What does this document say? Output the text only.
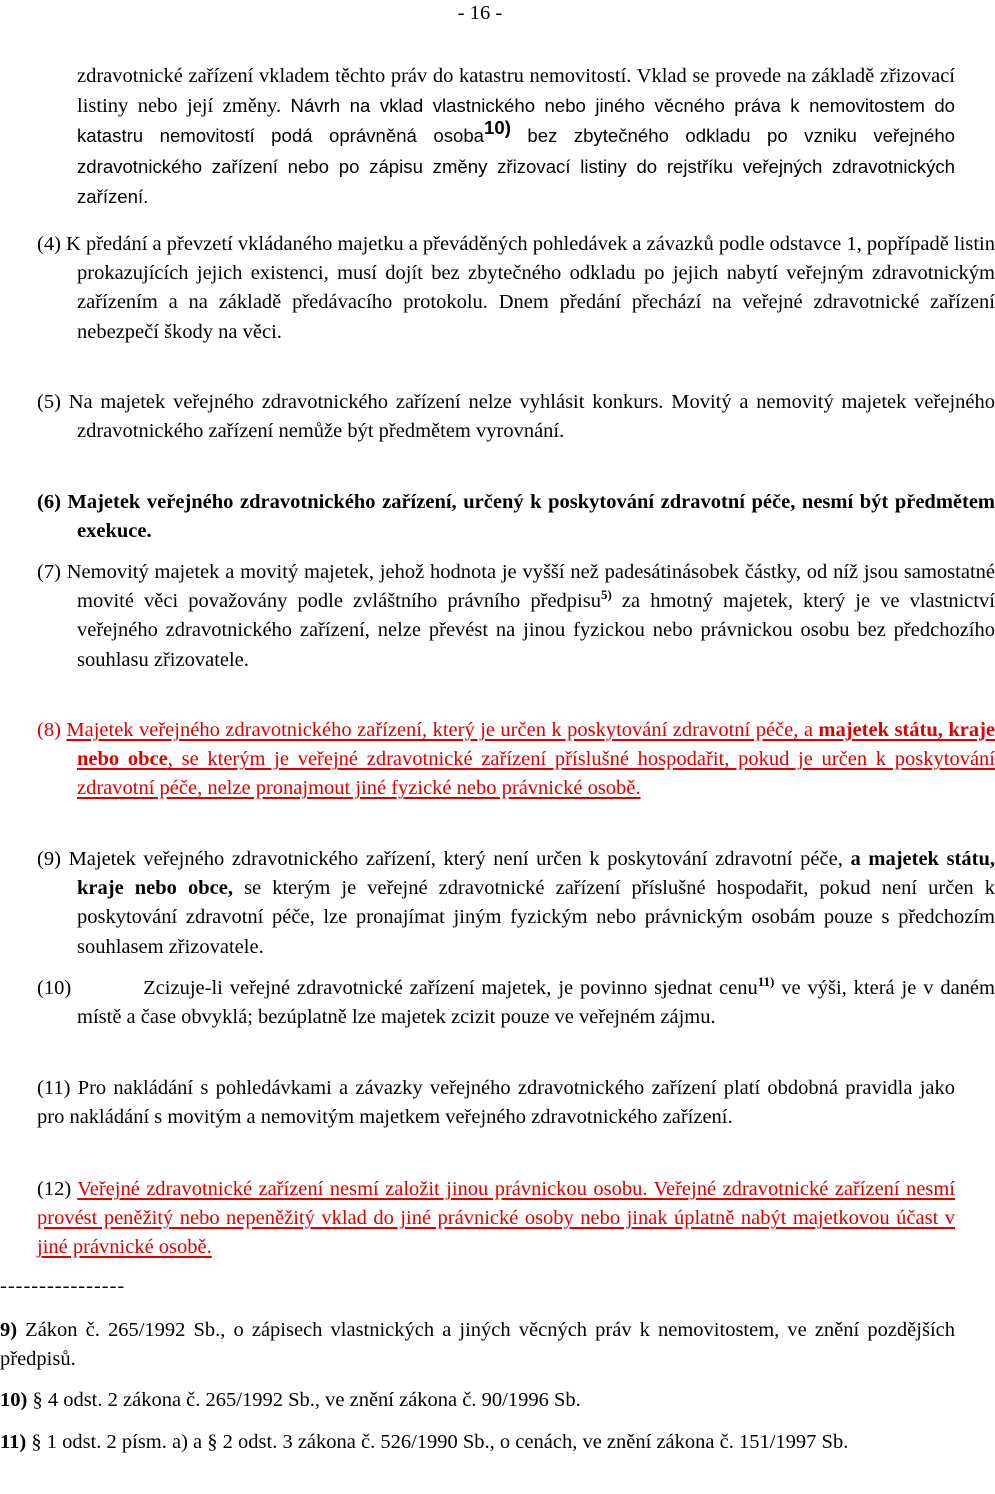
- 16 -
zdravotnické zařízení vkladem těchto práv do katastru nemovitostí. Vklad se provede na základě zřizovací listiny nebo její změny. Návrh na vklad vlastnického nebo jiného věcného práva k nemovitostem do katastru nemovitostí podá oprávněná osoba10) bez zbytečného odkladu po vzniku veřejného zdravotnického zařízení nebo po zápisu změny zřizovací listiny do rejstříku veřejných zdravotnických zařízení.
(4) K předání a převzetí vkládaného majetku a převáděných pohledávek a závazků podle odstavce 1, popřípadě listin prokazujících jejich existenci, musí dojít bez zbytečného odkladu po jejich nabytí veřejným zdravotnickým zařízením a na základě předávacího protokolu. Dnem předání přechází na veřejné zdravotnické zařízení nebezpečí škody na věci.
(5) Na majetek veřejného zdravotnického zařízení nelze vyhlásit konkurs. Movitý a nemovitý majetek veřejného zdravotnického zařízení nemůže být předmětem vyrovnání.
(6) Majetek veřejného zdravotnického zařízení, určený k poskytování zdravotní péče, nesmí být předmětem exekuce.
(7) Nemovitý majetek a movitý majetek, jehož hodnota je vyšší než padesátinásobek částky, od níž jsou samostatné movité věci považovány podle zvláštního právního předpisu$^{5)}$ za hmotný majetek, který je ve vlastnictví veřejného zdravotnického zařízení, nelze převést na jinou fyzickou nebo právnickou osobu bez předchozího souhlasu zřizovatele.
(8) Majetek veřejného zdravotnického zařízení, který je určen k poskytování zdravotní péče, a majetek státu, kraje nebo obce, se kterým je veřejné zdravotnické zařízení příslušné hospodařit, pokud je určen k poskytování zdravotní péče, nelze pronajmout jiné fyzické nebo právnické osobě.
(9) Majetek veřejného zdravotnického zařízení, který není určen k poskytování zdravotní péče, a majetek státu, kraje nebo obce, se kterým je veřejné zdravotnické zařízení příslušné hospodařit, pokud není určen k poskytování zdravotní péče, lze pronajímat jiným fyzickým nebo právnickým osobám pouze s předchozím souhlasem zřizovatele.
(10)	Zcizuje-li veřejné zdravotnické zařízení majetek, je povinno sjednat cenu$^{11)}$ ve výši, která je v daném místě a čase obvyklá; bezúplatně lze majetek zcizit pouze ve veřejném zájmu.
(11) Pro nakládání s pohledávkami a závazky veřejného zdravotnického zařízení platí obdobná pravidla jako pro nakládání s movitým a nemovitým majetkem veřejného zdravotnického zařízení.
(12) Veřejné zdravotnické zařízení nesmí založit jinou právnickou osobu. Veřejné zdravotnické zařízení nesmí provést peněžitý nebo nepeněžitý vklad do jiné právnické osoby nebo jinak úplatně nabýt majetkovou účast v jiné právnické osobě.
----------------
9) Zákon č. 265/1992 Sb., o zápisech vlastnických a jiných věcných práv k nemovitostem, ve znění pozdějších předpisů.
10) § 4 odst. 2 zákona č. 265/1992 Sb., ve znění zákona č. 90/1996 Sb.
11) § 1 odst. 2 písm. a) a § 2 odst. 3 zákona č. 526/1990 Sb., o cenách, ve znění zákona č. 151/1997 Sb.
